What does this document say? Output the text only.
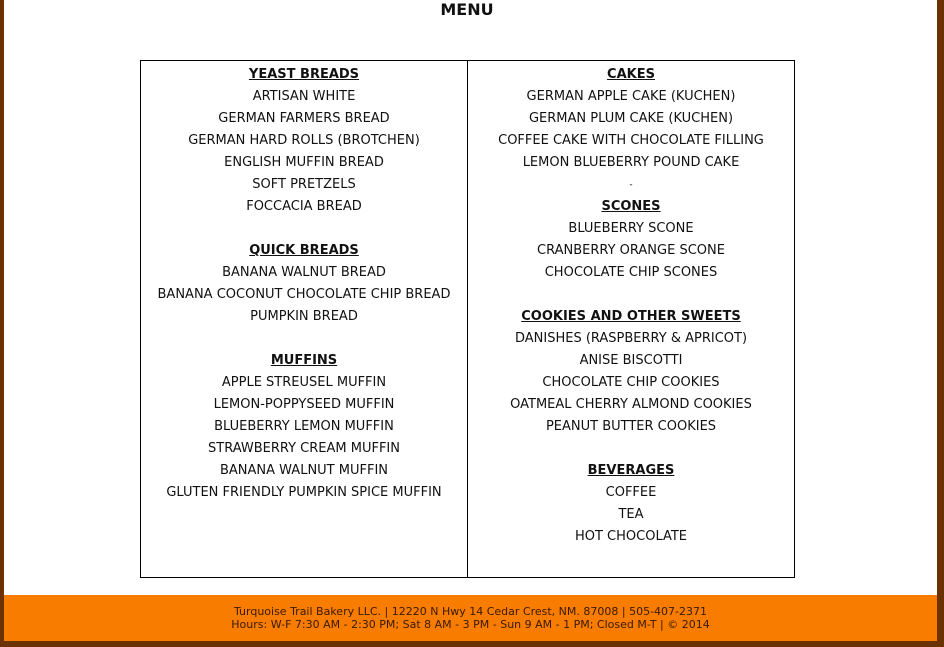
MENU
YEAST BREADS
ARTISAN WHITE
GERMAN FARMERS BREAD
GERMAN HARD ROLLS (BROTCHEN)
ENGLISH MUFFIN BREAD
SOFT PRETZELS
FOCCACIA BREAD
QUICK BREADS
BANANA WALNUT BREAD
BANANA COCONUT CHOCOLATE CHIP BREAD
PUMPKIN BREAD
MUFFINS
APPLE STREUSEL MUFFIN
LEMON-POPPYSEED MUFFIN
BLUEBERRY LEMON MUFFIN
STRAWBERRY CREAM MUFFIN
BANANA WALNUT MUFFIN
GLUTEN FRIENDLY PUMPKIN SPICE MUFFIN
CAKES
GERMAN APPLE CAKE (KUCHEN)
GERMAN PLUM CAKE (KUCHEN)
COFFEE CAKE WITH CHOCOLATE FILLING
LEMON BLUEBERRY POUND CAKE
-
SCONES
BLUEBERRY SCONE
CRANBERRY ORANGE SCONE
CHOCOLATE CHIP SCONES
COOKIES AND OTHER SWEETS
DANISHES (RASPBERRY & APRICOT)
ANISE BISCOTTI
CHOCOLATE CHIP COOKIES
OATMEAL CHERRY ALMOND COOKIES
PEANUT BUTTER COOKIES
BEVERAGES
COFFEE
TEA
HOT CHOCOLATE
Turquoise Trail Bakery LLC. | 12220 N Hwy 14 Cedar Crest, NM. 87008 | 505-407-2371
Hours: W-F 7:30 AM - 2:30 PM; Sat 8 AM - 3 PM - Sun 9 AM - 1 PM; Closed M-T | © 2014
